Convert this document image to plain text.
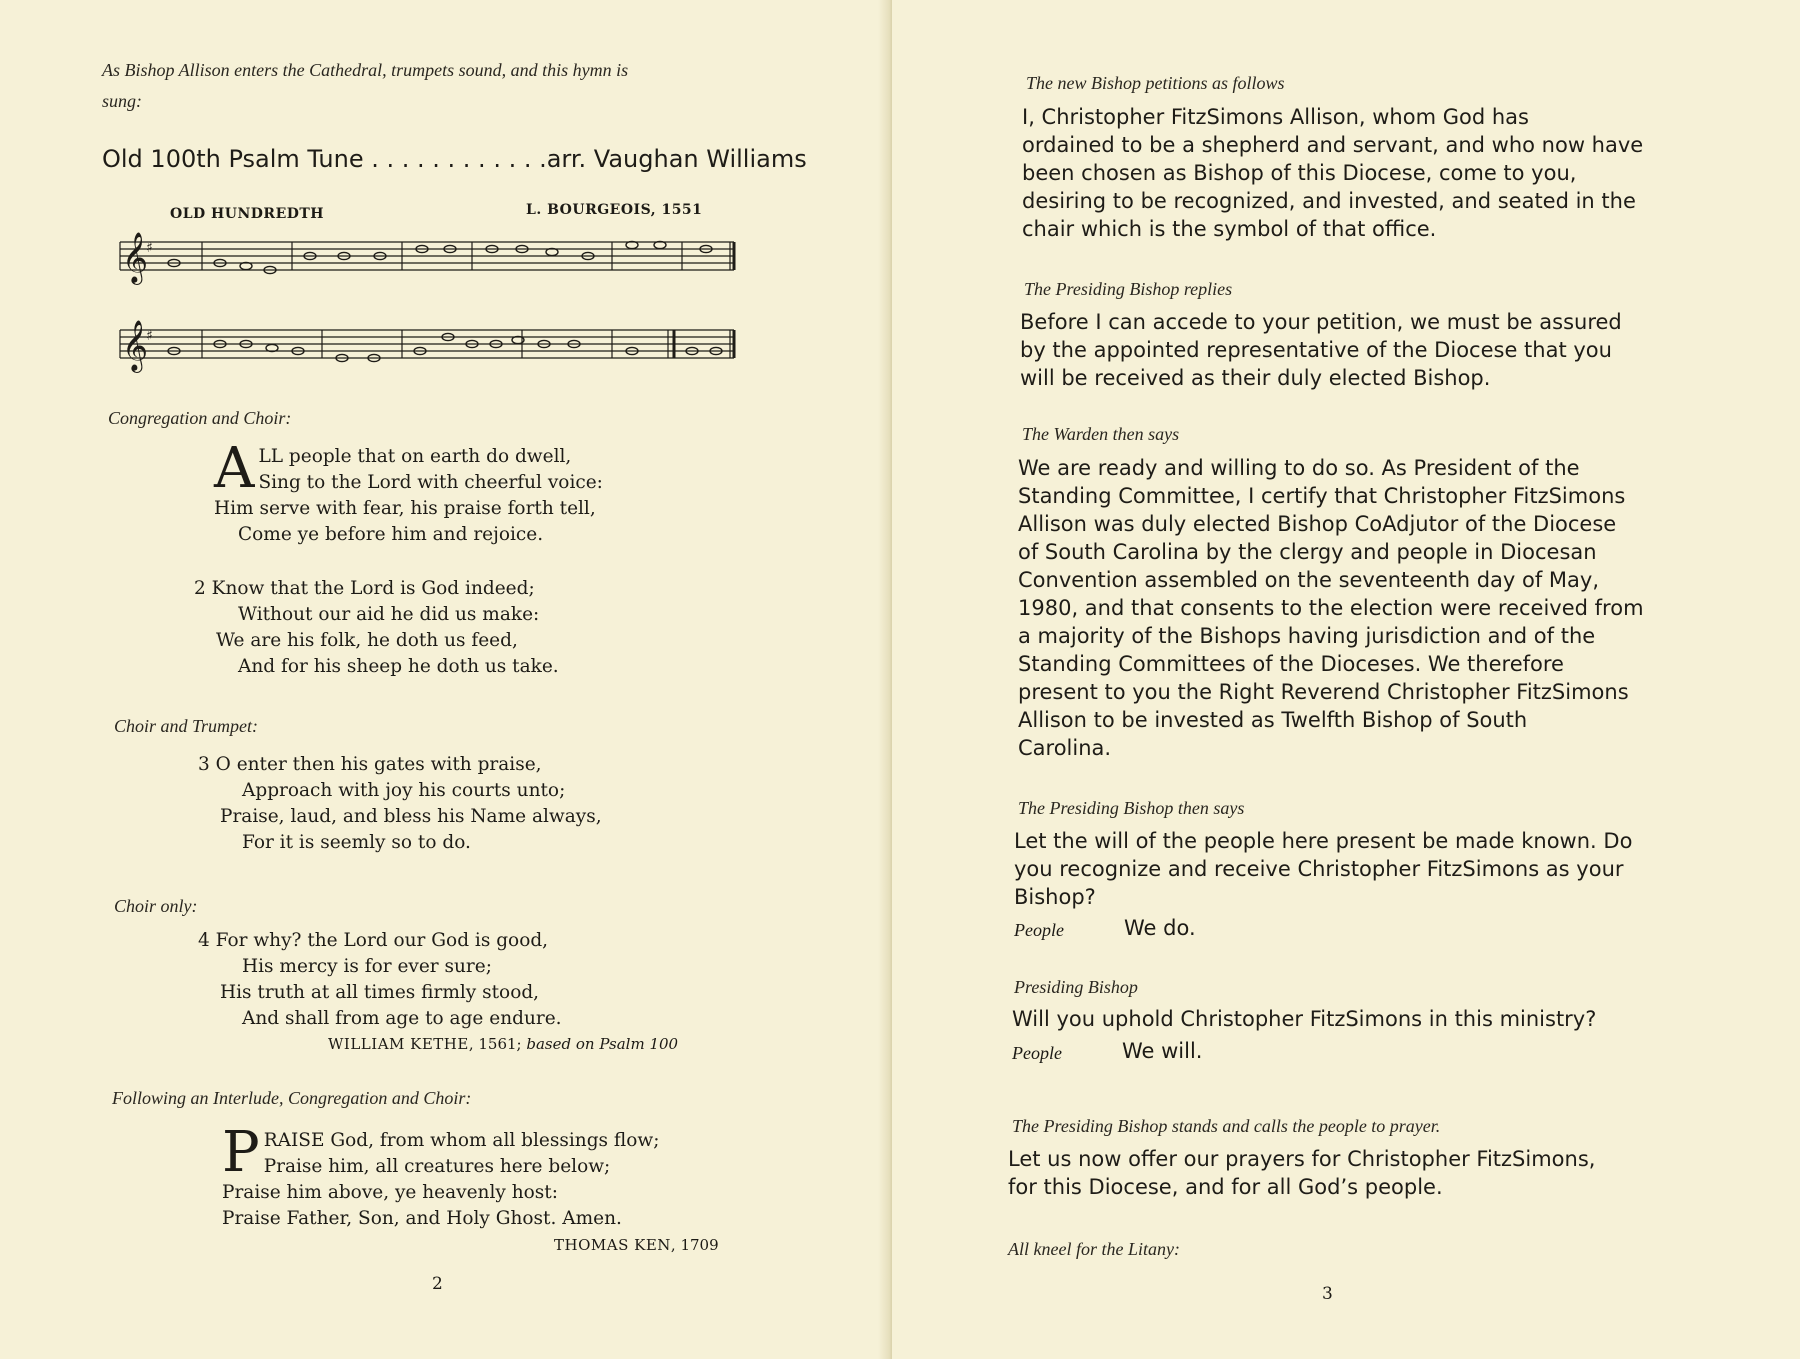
As Bishop Allison enters the Cathedral, trumpets sound, and this hymn is
sung:
Old 100th Psalm Tune . . . . . . . . . . . .arr. Vaughan Williams
OLD HUNDREDTH	L. BOURGEOIS, 1551
𝄞
♯
𝄞
♯
Congregation and Choir:
A LL people that on earth do dwell,
Sing to the Lord with cheerful voice:
Him serve with fear, his praise forth tell,
Come ye before him and rejoice.
2 Know that the Lord is God indeed;
Without our aid he did us make:
We are his folk, he doth us feed,
And for his sheep he doth us take.
Choir and Trumpet:
3 O enter then his gates with praise,
Approach with joy his courts unto;
Praise, laud, and bless his Name always,
For it is seemly so to do.
Choir only:
4 For why? the Lord our God is good,
His mercy is for ever sure;
His truth at all times firmly stood,
And shall from age to age endure.
WILLIAM KETHE, 1561; based on Psalm 100
Following an Interlude, Congregation and Choir:
P RAISE God, from whom all blessings flow;
Praise him, all creatures here below;
Praise him above, ye heavenly host:
Praise Father, Son, and Holy Ghost. Amen.
THOMAS KEN, 1709
2
The new Bishop petitions as follows
I, Christopher FitzSimons Allison, whom God has
ordained to be a shepherd and servant, and who now have
been chosen as Bishop of this Diocese, come to you,
desiring to be recognized, and invested, and seated in the
chair which is the symbol of that office.
The Presiding Bishop replies
Before I can accede to your petition, we must be assured
by the appointed representative of the Diocese that you
will be received as their duly elected Bishop.
The Warden then says
We are ready and willing to do so. As President of the
Standing Committee, I certify that Christopher FitzSimons
Allison was duly elected Bishop CoAdjutor of the Diocese
of South Carolina by the clergy and people in Diocesan
Convention assembled on the seventeenth day of May,
1980, and that consents to the election were received from
a majority of the Bishops having jurisdiction and of the
Standing Committees of the Dioceses. We therefore
present to you the Right Reverend Christopher FitzSimons
Allison to be invested as Twelfth Bishop of South
Carolina.
The Presiding Bishop then says
Let the will of the people here present be made known. Do
you recognize and receive Christopher FitzSimons as your
Bishop?
People	We do.
Presiding Bishop
Will you uphold Christopher FitzSimons in this ministry?
People	We will.
The Presiding Bishop stands and calls the people to prayer.
Let us now offer our prayers for Christopher FitzSimons,
for this Diocese, and for all God’s people.
All kneel for the Litany:
3
